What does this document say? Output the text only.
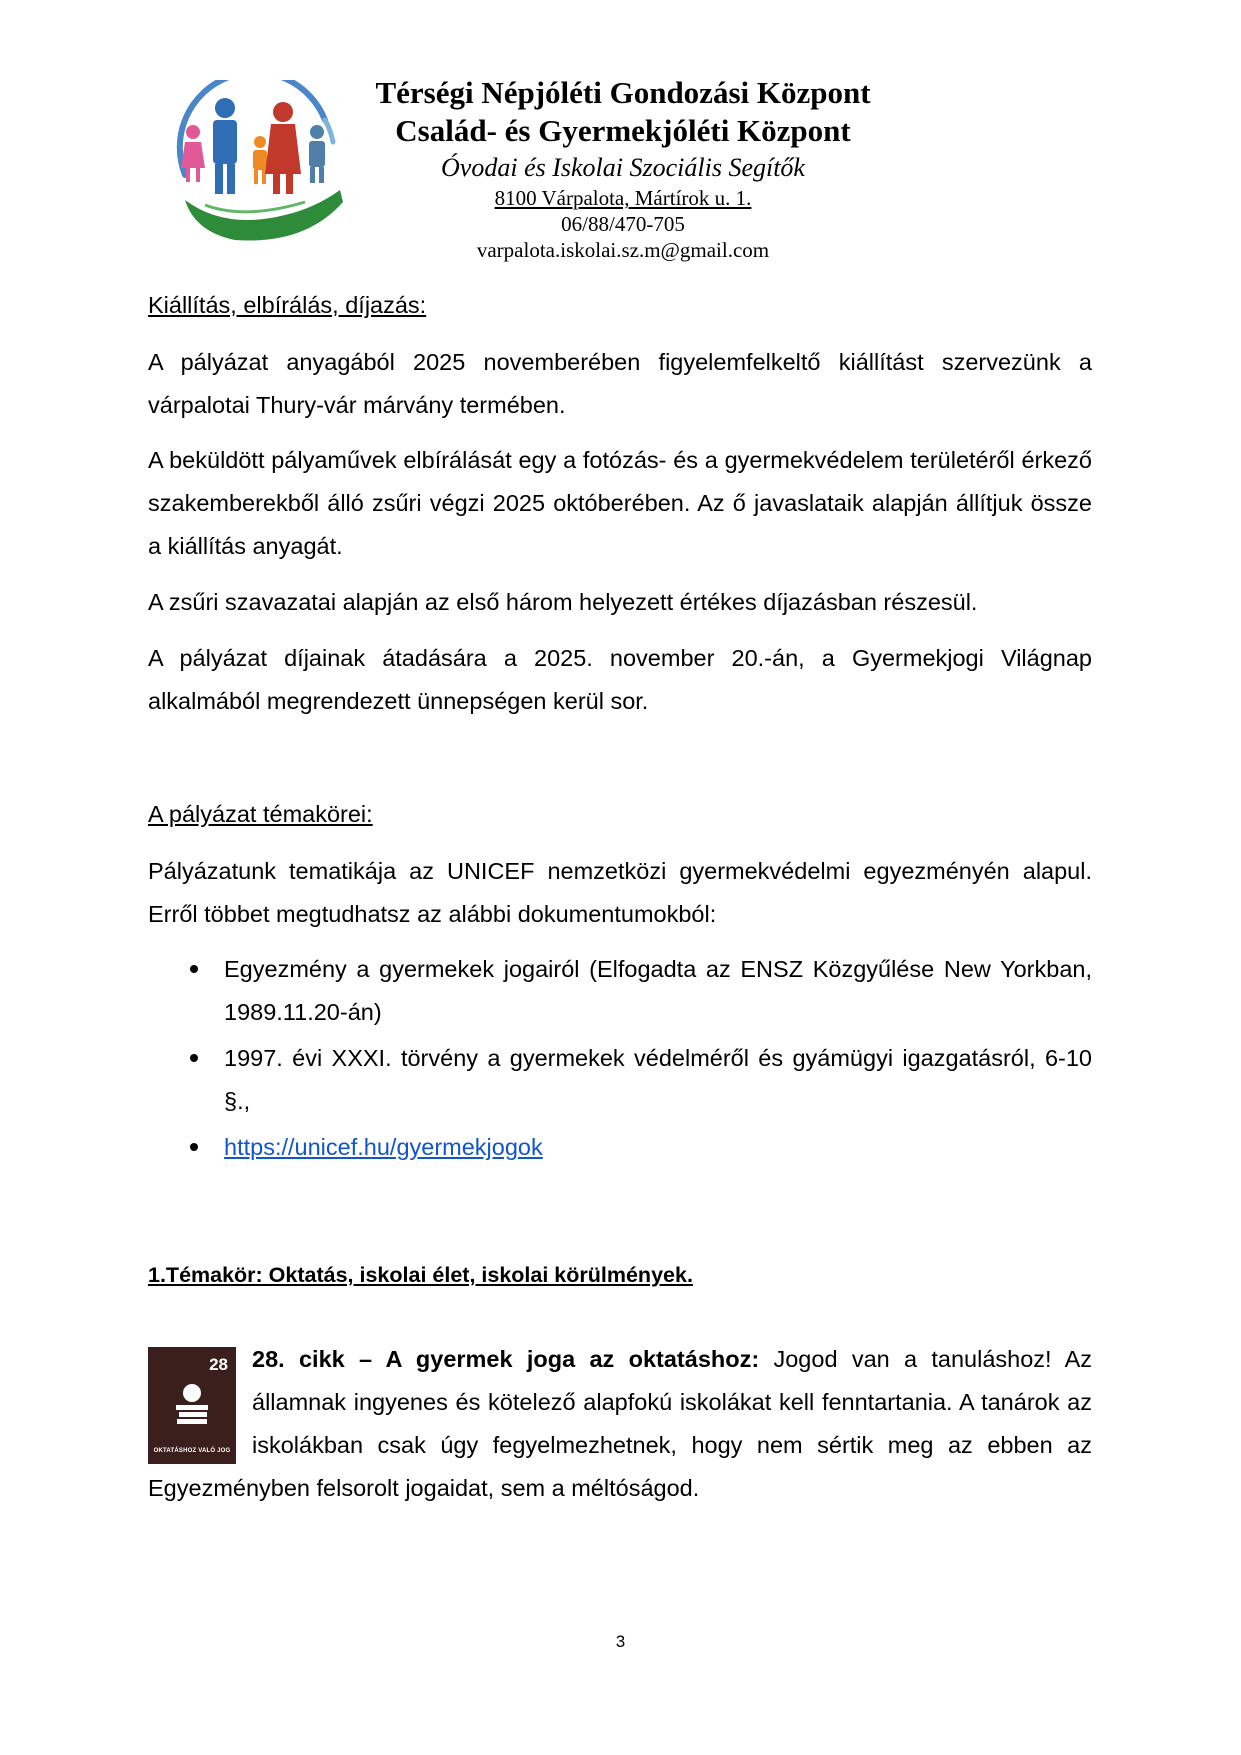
Térségi Népjóléti Gondozási Központ
Család- és Gyermekjóléti Központ
Óvodai és Iskolai Szociális Segítők
8100 Várpalota, Mártírok u. 1.
06/88/470-705
varpalota.iskolai.sz.m@gmail.com
Kiállítás, elbírálás, díjazás:

A pályázat anyagából 2025 novemberében figyelemfelkeltő kiállítást szervezünk a várpalotai Thury-vár márvány termében.

A beküldött pályaművek elbírálását egy a fotózás- és a gyermekvédelem területéről érkező szakemberekből álló zsűri végzi 2025 októberében. Az ő javaslataik alapján állítjuk össze a kiállítás anyagát.

A zsűri szavazatai alapján az első három helyezett értékes díjazásban részesül.

A pályázat díjainak átadására a 2025. november 20.-án, a Gyermekjogi Világnap alkalmából megrendezett ünnepségen kerül sor.

A pályázat témakörei:

Pályázatunk tematikája az UNICEF nemzetközi gyermekvédelmi egyezményén alapul. Erről többet megtudhatsz az alábbi dokumentumokból:

Egyezmény a gyermekek jogairól (Elfogadta az ENSZ Közgyűlése New Yorkban, 1989.11.20-án)
1997. évi XXXI. törvény a gyermekek védelméről és gyámügyi igazgatásról, 6-10 §.,
https://unicef.hu/gyermekjogok
1.Témakör: Oktatás, iskolai élet, iskolai körülmények.

28. cikk – A gyermek joga az oktatáshoz: Jogod van a tanuláshoz! Az államnak ingyenes és kötelező alapfokú iskolákat kell fenntartania. A tanárok az iskolákban csak úgy fegyelmezhetnek, hogy nem sértik meg az ebben az Egyezményben felsorolt jogaidat, sem a méltóságod.

28
OKTATÁSHOZ VALÓ JOG
3
